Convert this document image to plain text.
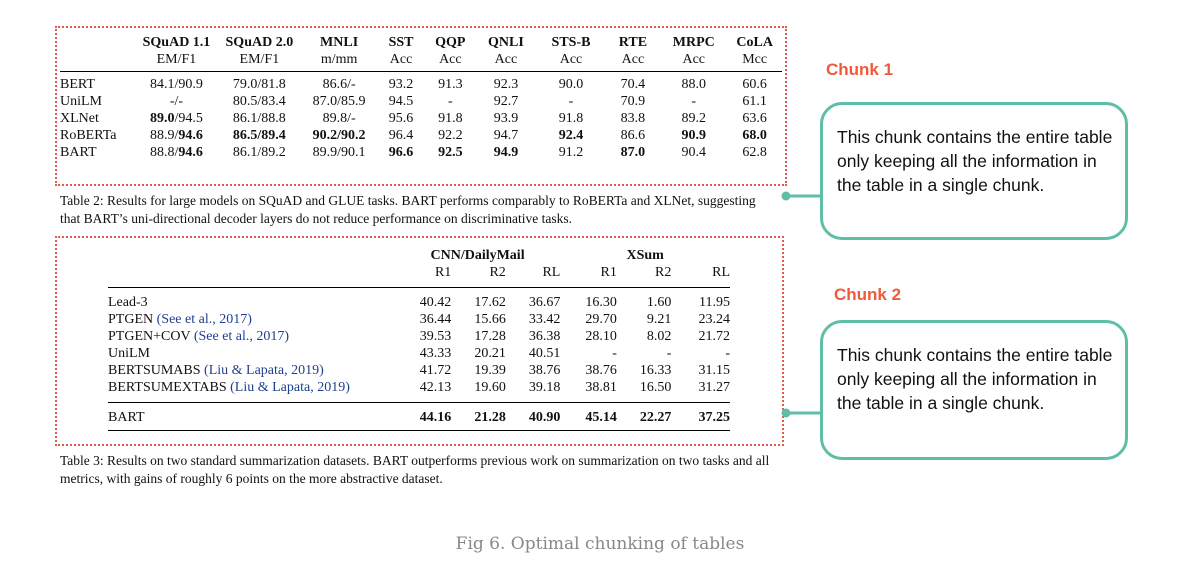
	SQuAD 1.1	SQuAD 2.0	MNLI	SST	QQP	QNLI	STS-B	RTE	MRPC	CoLA
	EM/F1	EM/F1	m/mm	Acc	Acc	Acc	Acc	Acc	Acc	Mcc
BERT	84.1/90.9	79.0/81.8	86.6/-	93.2	91.3	92.3	90.0	70.4	88.0	60.6
UniLM	-/-	80.5/83.4	87.0/85.9	94.5	-	92.7	-	70.9	-	61.1
XLNet	89.0/94.5	86.1/88.8	89.8/-	95.6	91.8	93.9	91.8	83.8	89.2	63.6
RoBERTa	88.9/94.6	86.5/89.4	90.2/90.2	96.4	92.2	94.7	92.4	86.6	90.9	68.0
BART	88.8/94.6	86.1/89.2	89.9/90.1	96.6	92.5	94.9	91.2	87.0	90.4	62.8
Table 2: Results for large models on SQuAD and GLUE tasks. BART performs comparably to RoBERTa and XLNet, suggesting that BART’s uni-directional decoder layers do not reduce performance on discriminative tasks.
	CNN/DailyMail			XSum		
	R1	R2	RL	R1	R2	RL
Lead-3	40.42	17.62	36.67	16.30	1.60	11.95
PTGEN (See et al., 2017)	36.44	15.66	33.42	29.70	9.21	23.24
PTGEN+COV (See et al., 2017)	39.53	17.28	36.38	28.10	8.02	21.72
UniLM	43.33	20.21	40.51	-	-	-
BERTSUMABS (Liu & Lapata, 2019)	41.72	19.39	38.76	38.76	16.33	31.15
BERTSUMEXTABS (Liu & Lapata, 2019)	42.13	19.60	39.18	38.81	16.50	31.27
BART	44.16	21.28	40.90	45.14	22.27	37.25
Table 3: Results on two standard summarization datasets. BART outperforms previous work on summarization on two tasks and all metrics, with gains of roughly 6 points on the more abstractive dataset.
Chunk 1
Chunk 2
This chunk contains the entire table only keeping all the information in the table in a single chunk.
This chunk contains the entire table only keeping all the information in the table in a single chunk.
Fig 6. Optimal chunking of tables
